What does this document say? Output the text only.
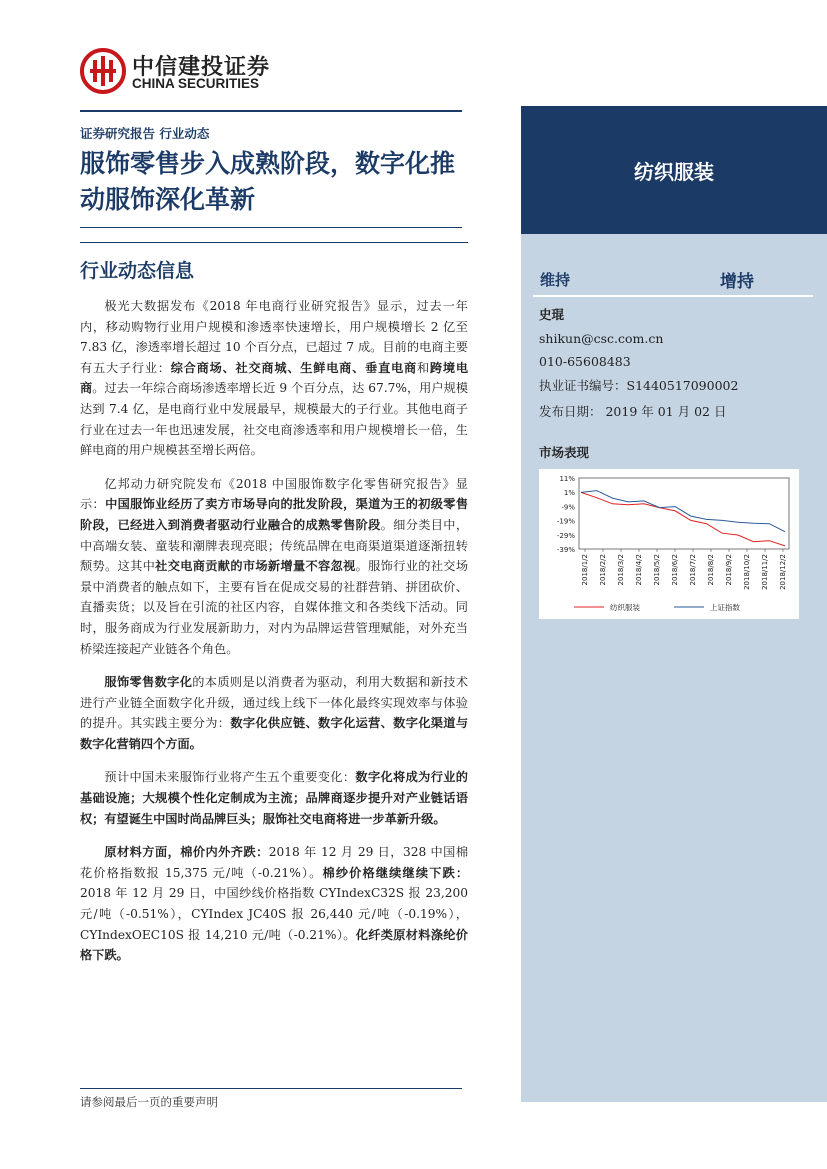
中信建投证券
CHINA SECURITIES
证券研究报告 行业动态
服饰零售步入成熟阶段，数字化推动服饰深化革新
行业动态信息

极光大数据发布《2018 年电商行业研究报告》显示，过去一年内，移动购物行业用户规模和渗透率快速增长，用户规模增长 2 亿至 7.83 亿，渗透率增长超过 10 个百分点，已超过 7 成。目前的电商主要有五大子行业：综合商场、社交商城、生鲜电商、垂直电商和跨境电商。过去一年综合商场渗透率增长近 9 个百分点，达 67.7%，用户规模达到 7.4 亿，是电商行业中发展最早，规模最大的子行业。其他电商子行业在过去一年也迅速发展，社交电商渗透率和用户规模增长一倍，生鲜电商的用户规模甚至增长两倍。

亿邦动力研究院发布《2018 中国服饰数字化零售研究报告》显示：中国服饰业经历了卖方市场导向的批发阶段，渠道为王的初级零售阶段，已经进入到消费者驱动行业融合的成熟零售阶段。细分类目中，中高端女装、童装和潮牌表现亮眼；传统品牌在电商渠道渠道逐渐扭转颓势。这其中社交电商贡献的市场新增量不容忽视。服饰行业的社交场景中消费者的触点如下，主要有旨在促成交易的社群营销、拼团砍价、直播卖货；以及旨在引流的社区内容，自媒体推文和各类线下活动。同时，服务商成为行业发展新助力，对内为品牌运营管理赋能，对外充当桥梁连接起产业链各个角色。

服饰零售数字化的本质则是以消费者为驱动，利用大数据和新技术进行产业链全面数字化升级，通过线上线下一体化最终实现效率与体验的提升。其实践主要分为：数字化供应链、数字化运营、数字化渠道与数字化营销四个方面。

预计中国未来服饰行业将产生五个重要变化：数字化将成为行业的基础设施；大规模个性化定制成为主流；品牌商逐步提升对产业链话语权；有望诞生中国时尚品牌巨头；服饰社交电商将进一步革新升级。

原材料方面，棉价内外齐跌：2018 年 12 月 29 日，328 中国棉花价格指数报 15,375 元/吨（-0.21%）。棉纱价格继续继续下跌：2018 年 12 月 29 日，中国纱线价格指数 CYIndexC32S 报 23,200 元/吨（-0.51%），CYIndex JC40S 报 26,440 元/吨（-0.19%），CYIndexOEC10S 报 14,210 元/吨（-0.21%）。化纤类原材料涤纶价格下跌。

请参阅最后一页的重要声明
纺织服装
维持	增持
史琨
shikun@csc.com.cn
010-65608483
执业证书编号：S1440517090002
发布日期： 2019 年 01 月 02 日
市场表现
11%
1%
-9%
-19%
-29%
-39%
2018/1/2 2018/2/2 2018/3/2 2018/4/2 2018/5/2 2018/6/2 2018/7/2 2018/8/2 2018/9/2 2018/10/2 2018/11/2 2018/12/2
纺织服装	上证指数
